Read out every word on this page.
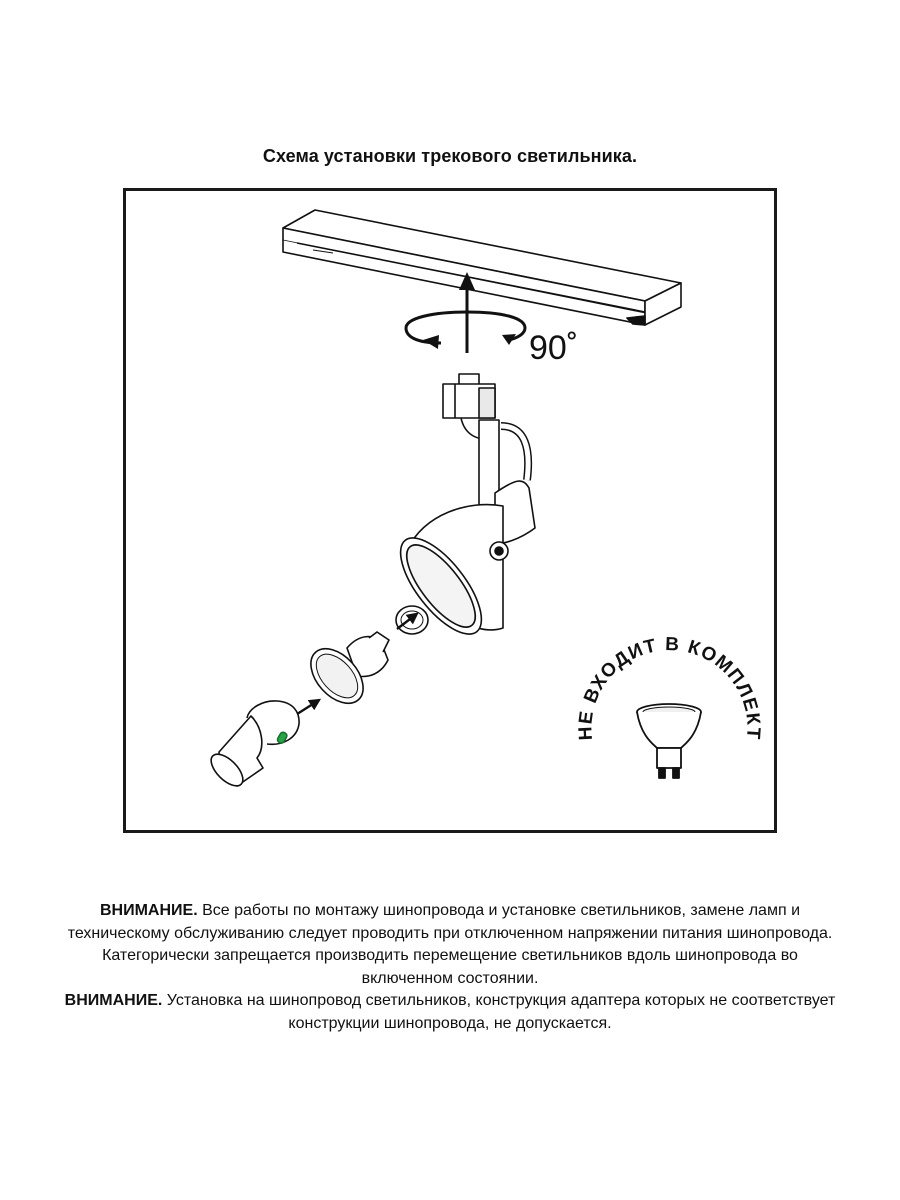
Схема установки трекового светильника.
90˚
НЕ ВХОДИТ В КОМПЛЕКТ

ВНИМАНИЕ. Все работы по монтажу шинопровода и установке светильников, замене ламп и техническому обслуживанию следует проводить при отключенном напряжении питания шинопровода.

Категорически запрещается производить перемещение светильников вдоль шинопровода во включенном состоянии.

ВНИМАНИЕ. Установка на шинопровод светильников, конструкция адаптера которых не соответствует конструкции шинопровода, не допускается.
